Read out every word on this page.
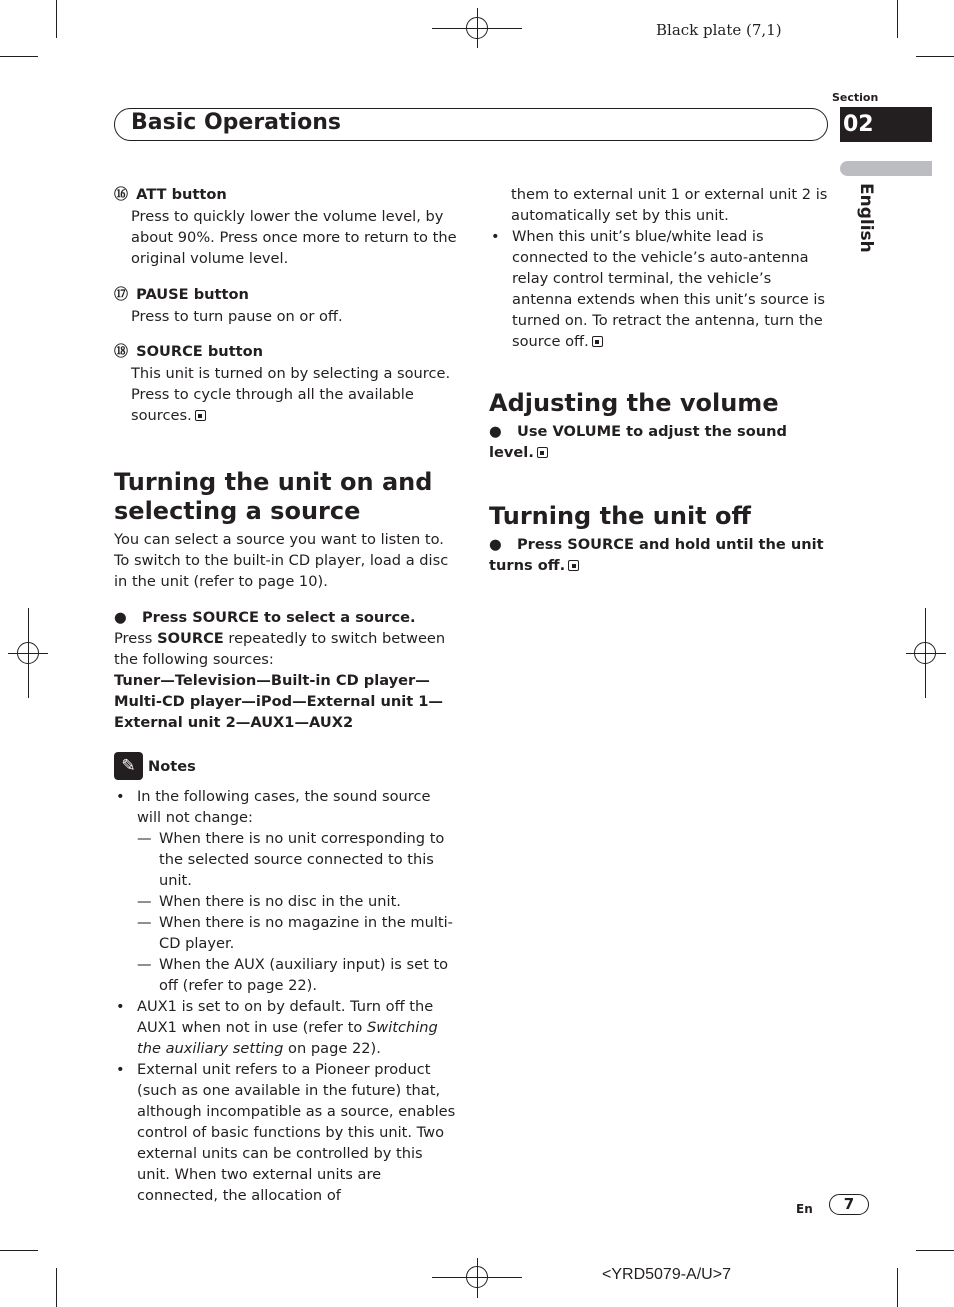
Black plate (7,1)
Section
02
English
Basic Operations

⑯ ATT button

Press to quickly lower the volume level, by about 90%. Press once more to return to the original volume level.

⑰ PAUSE button

Press to turn pause on or off.

⑱ SOURCE button

This unit is turned on by selecting a source. Press to cycle through all the available sources.

Turning the unit on and
selecting a source

You can select a source you want to listen to. To switch to the built-in CD player, load a disc in the unit (refer to page 10).

●   Press SOURCE to select a source.

Press SOURCE repeatedly to switch between the following sources:

Tuner—Television—Built-in CD player—
Multi-CD player—iPod—External unit 1—
External unit 2—AUX1—AUX2

✎ Notes

• In the following cases, the sound source will not change:

— When there is no unit corresponding to the selected source connected to this unit.

— When there is no disc in the unit.

— When there is no magazine in the multi-CD player.

— When the AUX (auxiliary input) is set to off (refer to page 22).

• AUX1 is set to on by default. Turn off the AUX1 when not in use (refer to Switching the auxiliary setting on page 22).

• External unit refers to a Pioneer product (such as one available in the future) that, although incompatible as a source, enables control of basic functions by this unit. Two external units can be controlled by this unit. When two external units are connected, the allocation of

them to external unit 1 or external unit 2 is automatically set by this unit.

• When this unit’s blue/white lead is connected to the vehicle’s auto-antenna relay control terminal, the vehicle’s antenna extends when this unit’s source is turned on. To retract the antenna, turn the source off.

Adjusting the volume

●   Use VOLUME to adjust the sound level.

Turning the unit off

●   Press SOURCE and hold until the unit turns off.

En	7
<YRD5079-A/U>7
